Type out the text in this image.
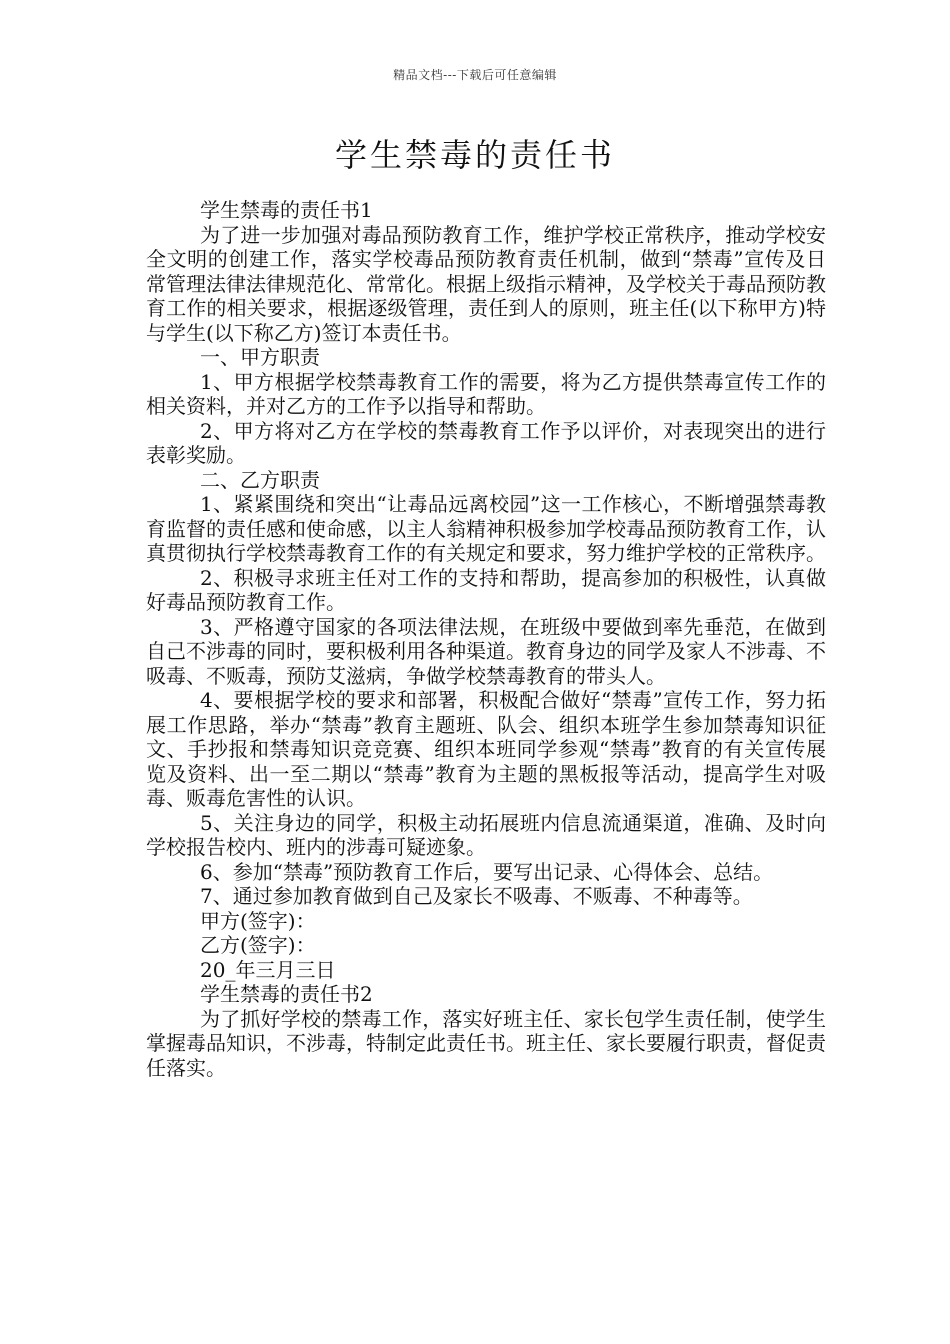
精品文档---下载后可任意编辑
学生禁毒的责任书

学生禁毒的责任书1

为了进一步加强对毒品预防教育工作，维护学校正常秩序，推动学校安全文明的创建工作，落实学校毒品预防教育责任机制，做到“禁毒”宣传及日常管理法律法律规范化、常常化。根据上级指示精神，及学校关于毒品预防教育工作的相关要求，根据逐级管理，责任到人的原则，班主任(以下称甲方)特与学生(以下称乙方)签订本责任书。

一、甲方职责

1、甲方根据学校禁毒教育工作的需要，将为乙方提供禁毒宣传工作的相关资料，并对乙方的工作予以指导和帮助。

2、甲方将对乙方在学校的禁毒教育工作予以评价，对表现突出的进行表彰奖励。

二、乙方职责

1、紧紧围绕和突出“让毒品远离校园”这一工作核心，不断增强禁毒教育监督的责任感和使命感，以主人翁精神积极参加学校毒品预防教育工作，认真贯彻执行学校禁毒教育工作的有关规定和要求，努力维护学校的正常秩序。

2、积极寻求班主任对工作的支持和帮助，提高参加的积极性，认真做好毒品预防教育工作。

3、严格遵守国家的各项法律法规，在班级中要做到率先垂范，在做到自己不涉毒的同时，要积极利用各种渠道。教育身边的同学及家人不涉毒、不吸毒、不贩毒，预防艾滋病，争做学校禁毒教育的带头人。

4、要根据学校的要求和部署，积极配合做好“禁毒”宣传工作，努力拓展工作思路，举办“禁毒”教育主题班、队会、组织本班学生参加禁毒知识征文、手抄报和禁毒知识竞竞赛、组织本班同学参观“禁毒”教育的有关宣传展览及资料、出一至二期以“禁毒”教育为主题的黑板报等活动，提高学生对吸毒、贩毒危害性的认识。

5、关注身边的同学，积极主动拓展班内信息流通渠道，准确、及时向学校报告校内、班内的涉毒可疑迹象。

6、参加“禁毒”预防教育工作后，要写出记录、心得体会、总结。

7、通过参加教育做到自己及家长不吸毒、不贩毒、不种毒等。

甲方(签字)：

乙方(签字)：

20_年三月三日

学生禁毒的责任书2

为了抓好学校的禁毒工作，落实好班主任、家长包学生责任制，使学生掌握毒品知识，不涉毒，特制定此责任书。班主任、家长要履行职责，督促责任落实。
